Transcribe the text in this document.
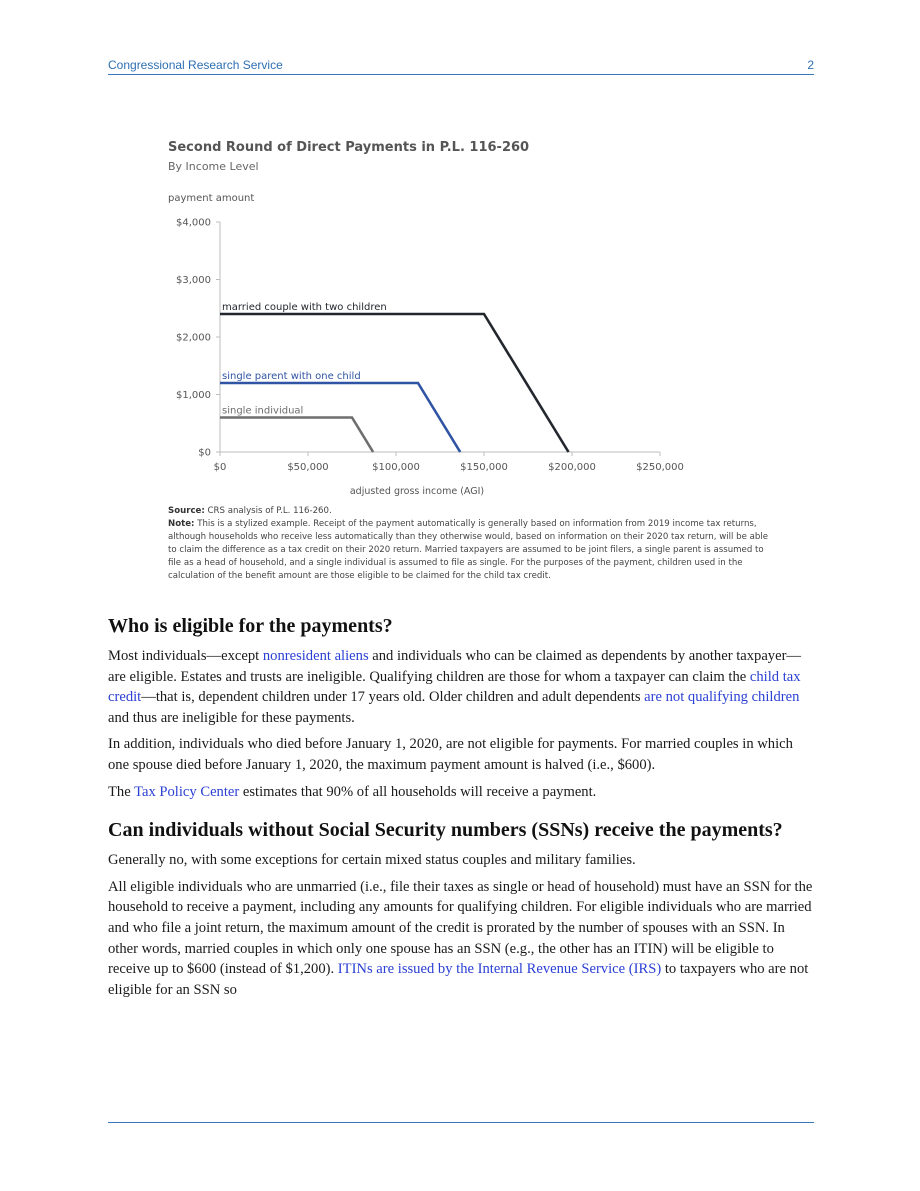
Congressional Research Service	2
Second Round of Direct Payments in P.L. 116-260
By Income Level
payment amount
$0
$1,000
$2,000
$3,000
$4,000
$0	$50,000	$100,000	$150,000	$200,000	$250,000
married couple with two children
single parent with one child
single individual
adjusted gross income (AGI)

Source: CRS analysis of P.L. 116-260.

Note: This is a stylized example. Receipt of the payment automatically is generally based on information from 2019 income tax returns, although households who receive less automatically than they otherwise would, based on information on their 2020 tax return, will be able to claim the difference as a tax credit on their 2020 return. Married taxpayers are assumed to be joint filers, a single parent is assumed to file as a head of household, and a single individual is assumed to file as single. For the purposes of the payment, children used in the calculation of the benefit amount are those eligible to be claimed for the child tax credit.

Who is eligible for the payments?

Most individuals—except nonresident aliens and individuals who can be claimed as dependents by another taxpayer—are eligible. Estates and trusts are ineligible. Qualifying children are those for whom a taxpayer can claim the child tax credit—that is, dependent children under 17 years old. Older children and adult dependents are not qualifying children and thus are ineligible for these payments.

In addition, individuals who died before January 1, 2020, are not eligible for payments. For married couples in which one spouse died before January 1, 2020, the maximum payment amount is halved (i.e., $600).

The Tax Policy Center estimates that 90% of all households will receive a payment.

Can individuals without Social Security numbers (SSNs) receive the payments?

Generally no, with some exceptions for certain mixed status couples and military families.

All eligible individuals who are unmarried (i.e., file their taxes as single or head of household) must have an SSN for the household to receive a payment, including any amounts for qualifying children. For eligible individuals who are married and who file a joint return, the maximum amount of the credit is prorated by the number of spouses with an SSN. In other words, married couples in which only one spouse has an SSN (e.g., the other has an ITIN) will be eligible to receive up to $600 (instead of $1,200). ITINs are issued by the Internal Revenue Service (IRS) to taxpayers who are not eligible for an SSN so
